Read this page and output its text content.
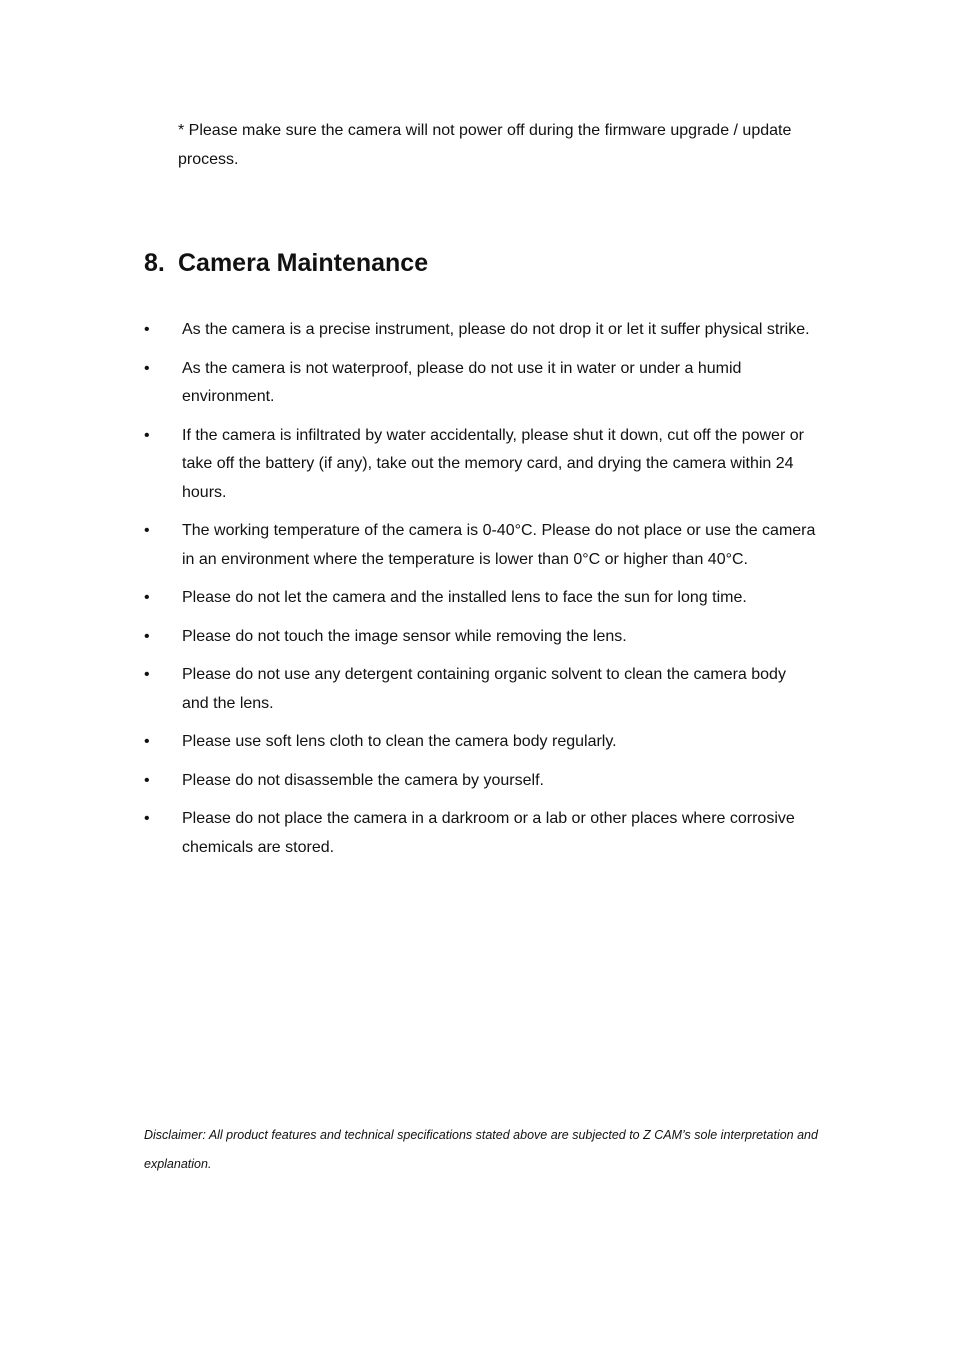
* Please make sure the camera will not power off during the firmware upgrade / update process.
8. Camera Maintenance
• As the camera is a precise instrument, please do not drop it or let it suffer physical strike.
• As the camera is not waterproof, please do not use it in water or under a humid environment.
• If the camera is infiltrated by water accidentally, please shut it down, cut off the power or take off the battery (if any), take out the memory card, and drying the camera within 24 hours.
• The working temperature of the camera is 0-40°C. Please do not place or use the camera in an environment where the temperature is lower than 0°C or higher than 40°C.
• Please do not let the camera and the installed lens to face the sun for long time.
• Please do not touch the image sensor while removing the lens.
• Please do not use any detergent containing organic solvent to clean the camera body and the lens.
• Please use soft lens cloth to clean the camera body regularly.
• Please do not disassemble the camera by yourself.
• Please do not place the camera in a darkroom or a lab or other places where corrosive chemicals are stored.
Disclaimer: All product features and technical specifications stated above are subjected to Z CAM’s sole interpretation and explanation.
